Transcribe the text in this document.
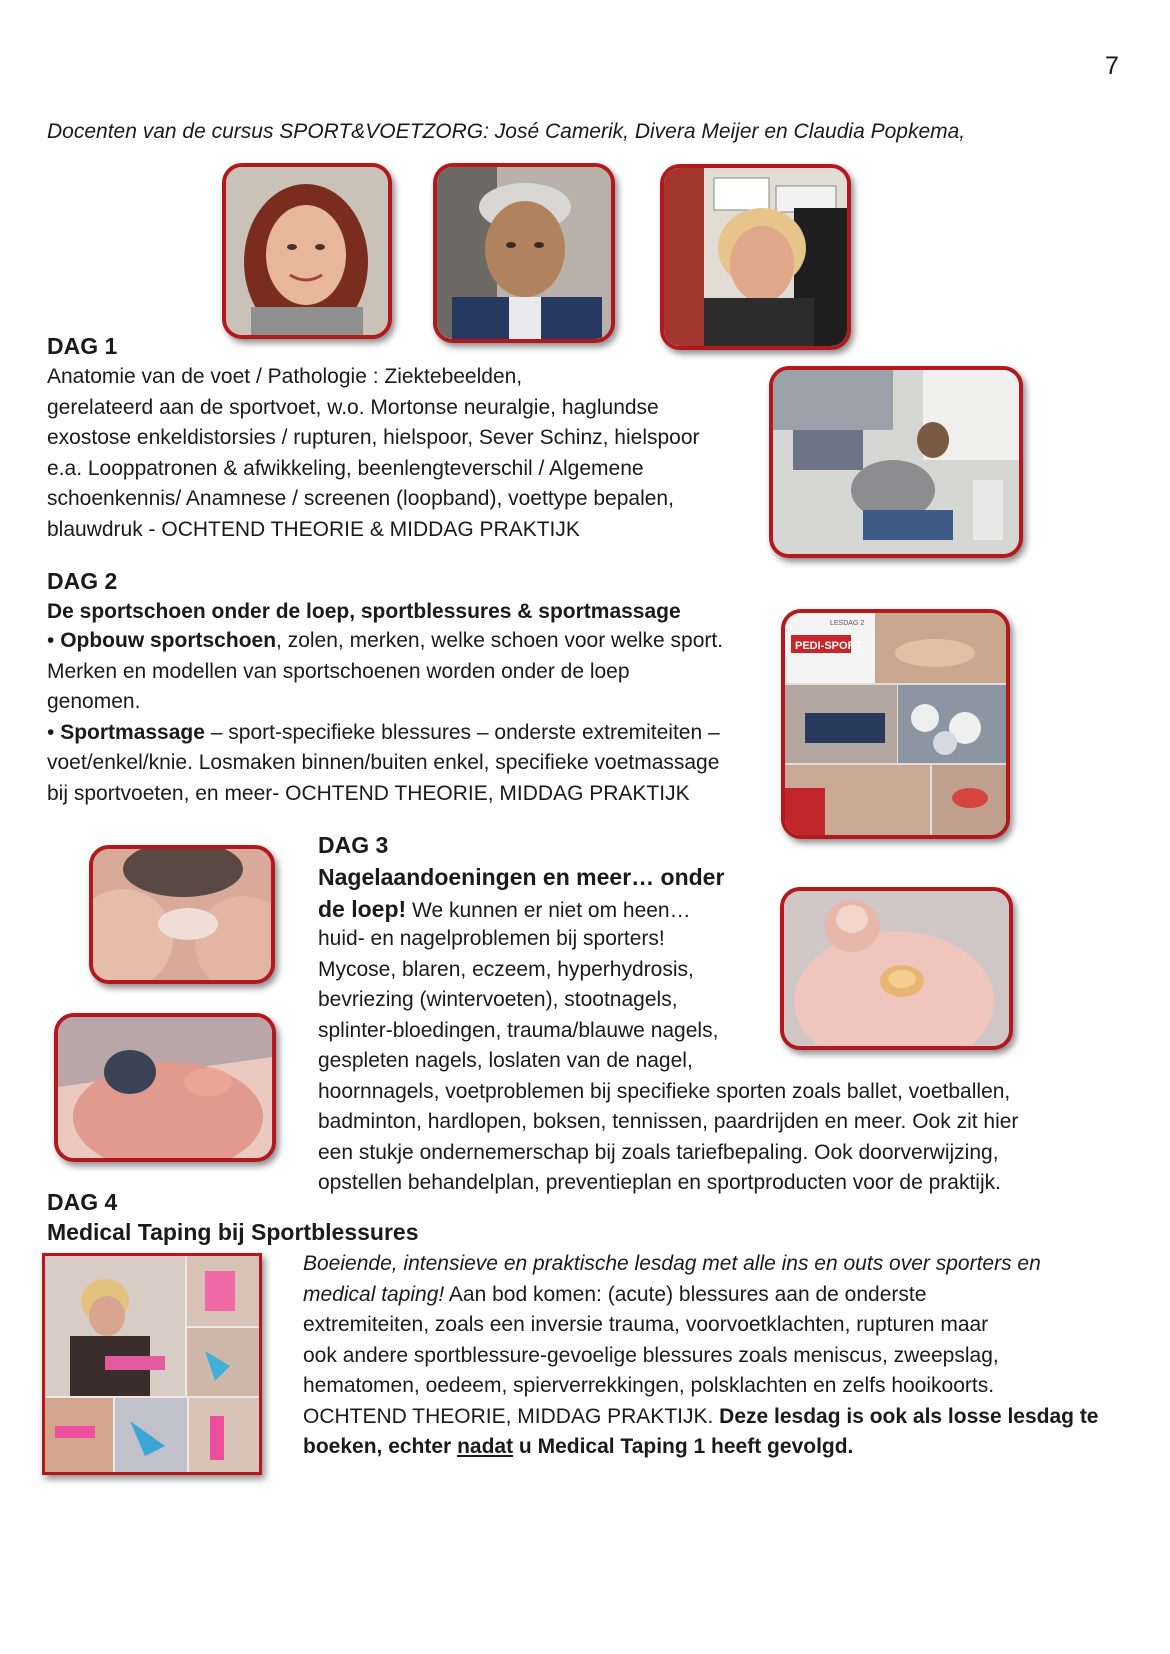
7
Docenten van de cursus SPORT&VOETZORG: José Camerik, Divera Meijer en Claudia Popkema,
DAG 1
Anatomie van de voet / Pathologie : Ziektebeelden,
gerelateerd aan de sportvoet, w.o. Mortonse neuralgie, haglundse
exostose enkeldistorsies / rupturen, hielspoor, Sever Schinz, hielspoor
e.a. Looppatronen & afwikkeling, beenlengteverschil / Algemene
schoenkennis/ Anamnese / screenen (loopband), voettype bepalen,
blauwdruk - OCHTEND THEORIE & MIDDAG PRAKTIJK
DAG 2
De sportschoen onder de loep, sportblessures & sportmassage
• Opbouw sportschoen, zolen, merken, welke schoen voor welke sport.
Merken en modellen van sportschoenen worden onder de loep
genomen.
• Sportmassage – sport-specifieke blessures – onderste extremiteiten –
voet/enkel/knie. Losmaken binnen/buiten enkel, specifieke voetmassage
bij sportvoeten, en meer- OCHTEND THEORIE, MIDDAG PRAKTIJK
PEDI-SPORT
LESDAG 2
DAG 3
Nagelaandoeningen en meer… onder
de loep! We kunnen er niet om heen…
huid- en nagelproblemen bij sporters!
Mycose, blaren, eczeem, hyperhydrosis,
bevriezing (wintervoeten), stootnagels,
splinter-bloedingen, trauma/blauwe nagels,
gespleten nagels, loslaten van de nagel,
hoornnagels, voetproblemen bij specifieke sporten zoals ballet, voetballen,
badminton, hardlopen, boksen, tennissen, paardrijden en meer. Ook zit hier
een stukje ondernemerschap bij zoals tariefbepaling. Ook doorverwijzing,
opstellen behandelplan, preventieplan en sportproducten voor de praktijk.
DAG 4
Medical Taping bij Sportblessures
Boeiende, intensieve en praktische lesdag met alle ins en outs over sporters en
medical taping! Aan bod komen: (acute) blessures aan de onderste
extremiteiten, zoals een inversie trauma, voorvoetklachten, rupturen maar
ook andere sportblessure-gevoelige blessures zoals meniscus, zweepslag,
hematomen, oedeem, spierverrekkingen, polsklachten en zelfs hooikoorts.
OCHTEND THEORIE, MIDDAG PRAKTIJK. Deze lesdag is ook als losse lesdag te
boeken, echter nadat u Medical Taping 1 heeft gevolgd.
